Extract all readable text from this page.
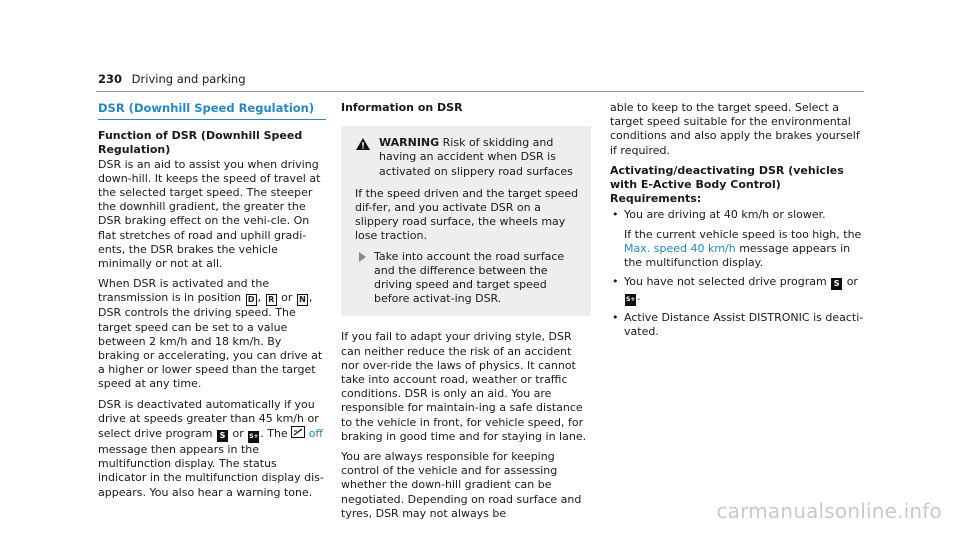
230 Driving and parking
DSR (Downhill Speed Regulation)
Function of DSR (Downhill Speed Regulation)

DSR is an aid to assist you when driving down-hill. It keeps the speed of travel at the selected target speed. The steeper the downhill gradient, the greater the DSR braking effect on the vehi-cle. On flat stretches of road and uphill gradi-ents, the DSR brakes the vehicle minimally or not at all.

When DSR is activated and the transmission is in position D , R or N , DSR controls the driving speed. The target speed can be set to a value between 2 km/h and 18 km/h. By braking or accelerating, you can drive at a higher or lower speed than the target speed at any time.

DSR is deactivated automatically if you drive at speeds greater than 45 km/h or select drive program S or S+ . The off message then appears in the multifunction display. The status indicator in the multifunction display dis-appears. You also hear a warning tone.

Information on DSR
WARNING Risk of skidding and having an accident when DSR is activated on slippery road surfaces

If the speed driven and the target speed dif-fer, and you activate DSR on a slippery road surface, the wheels may lose traction.

Take into account the road surface and the difference between the driving speed and target speed before activat-ing DSR.

If you fail to adapt your driving style, DSR can neither reduce the risk of an accident nor over-ride the laws of physics. It cannot take into account road, weather or traffic conditions. DSR is only an aid. You are responsible for maintain-ing a safe distance to the vehicle in front, for vehicle speed, for braking in good time and for staying in lane.

You are always responsible for keeping control of the vehicle and for assessing whether the down-hill gradient can be negotiated. Depending on road surface and tyres, DSR may not always be

able to keep to the target speed. Select a target speed suitable for the environmental conditions and also apply the brakes yourself if required.

Activating/deactivating DSR (vehicles with E-Active Body Control)
Requirements:
• You are driving at 40 km/h or slower.
If the current vehicle speed is too high, the Max. speed 40 km/h message appears in the multifunction display.
• You have not selected drive program S or S+ .
• Active Distance Assist DISTRONIC is deacti-vated.
carmanualsonline.info
